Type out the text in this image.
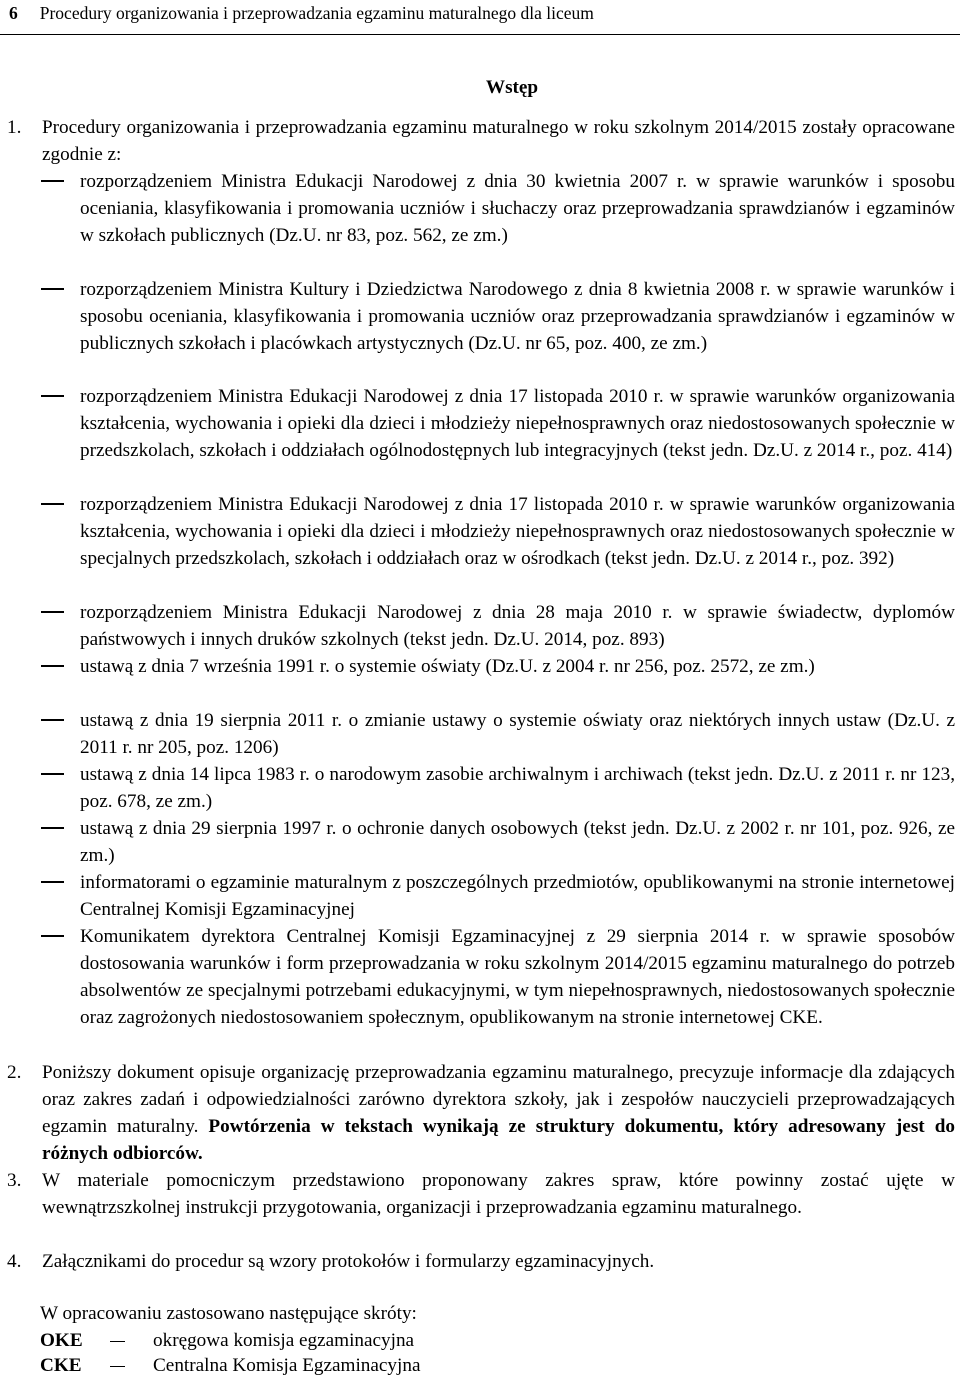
6 Procedury organizowania i przeprowadzania egzaminu maturalnego dla liceum
Wstęp
1. Procedury organizowania i przeprowadzania egzaminu maturalnego w roku szkolnym 2014/2015 zostały opracowane zgodnie z:
rozporządzeniem Ministra Edukacji Narodowej z dnia 30 kwietnia 2007 r. w sprawie warunków i sposobu oceniania, klasyfikowania i promowania uczniów i słuchaczy oraz przeprowadzania sprawdzianów i egzaminów w szkołach publicznych (Dz.U. nr 83, poz. 562, ze zm.)
rozporządzeniem Ministra Kultury i Dziedzictwa Narodowego z dnia 8 kwietnia 2008 r. w sprawie warunków i sposobu oceniania, klasyfikowania i promowania uczniów oraz przeprowadzania sprawdzianów i egzaminów w publicznych szkołach i placówkach artystycznych (Dz.U. nr 65, poz. 400, ze zm.)
rozporządzeniem Ministra Edukacji Narodowej z dnia 17 listopada 2010 r. w sprawie warunków organizowania kształcenia, wychowania i opieki dla dzieci i młodzieży niepełnosprawnych oraz niedostosowanych społecznie w przedszkolach, szkołach i oddziałach ogólnodostępnych lub integracyjnych (tekst jedn. Dz.U. z 2014 r., poz. 414)
rozporządzeniem Ministra Edukacji Narodowej z dnia 17 listopada 2010 r. w sprawie warunków organizowania kształcenia, wychowania i opieki dla dzieci i młodzieży niepełnosprawnych oraz niedostosowanych społecznie w specjalnych przedszkolach, szkołach i oddziałach oraz w ośrodkach (tekst jedn. Dz.U. z 2014 r., poz. 392)
rozporządzeniem Ministra Edukacji Narodowej z dnia 28 maja 2010 r. w sprawie świadectw, dyplomów państwowych i innych druków szkolnych (tekst jedn. Dz.U. 2014, poz. 893)
ustawą z dnia 7 września 1991 r. o systemie oświaty (Dz.U. z 2004 r. nr 256, poz. 2572, ze zm.)
ustawą z dnia 19 sierpnia 2011 r. o zmianie ustawy o systemie oświaty oraz niektórych innych ustaw (Dz.U. z 2011 r. nr 205, poz. 1206)
ustawą z dnia 14 lipca 1983 r. o narodowym zasobie archiwalnym i archiwach (tekst jedn. Dz.U. z 2011 r. nr 123, poz. 678, ze zm.)
ustawą z dnia 29 sierpnia 1997 r. o ochronie danych osobowych (tekst jedn. Dz.U. z 2002 r. nr 101, poz. 926, ze zm.)
informatorami o egzaminie maturalnym z poszczególnych przedmiotów, opublikowanymi na stronie internetowej Centralnej Komisji Egzaminacyjnej
Komunikatem dyrektora Centralnej Komisji Egzaminacyjnej z 29 sierpnia 2014 r. w sprawie sposobów dostosowania warunków i form przeprowadzania w roku szkolnym 2014/2015 egzaminu maturalnego do potrzeb absolwentów ze specjalnymi potrzebami edukacyjnymi, w tym niepełnosprawnych, niedostosowanych społecznie oraz zagrożonych niedostosowaniem społecznym, opublikowanym na stronie internetowej CKE.
2. Poniższy dokument opisuje organizację przeprowadzania egzaminu maturalnego, precyzuje informacje dla zdających oraz zakres zadań i odpowiedzialności zarówno dyrektora szkoły, jak i zespołów nauczycieli przeprowadzających egzamin maturalny. Powtórzenia w tekstach wynikają ze struktury dokumentu, który adresowany jest do różnych odbiorców.
3. W materiale pomocniczym przedstawiono proponowany zakres spraw, które powinny zostać ujęte w wewnątrzszkolnej instrukcji przygotowania, organizacji i przeprowadzania egzaminu maturalnego.
4. Załącznikami do procedur są wzory protokołów i formularzy egzaminacyjnych.
W opracowaniu zastosowano następujące skróty:
OKE	okręgowa komisja egzaminacyjna
CKE	Centralna Komisja Egzaminacyjna
